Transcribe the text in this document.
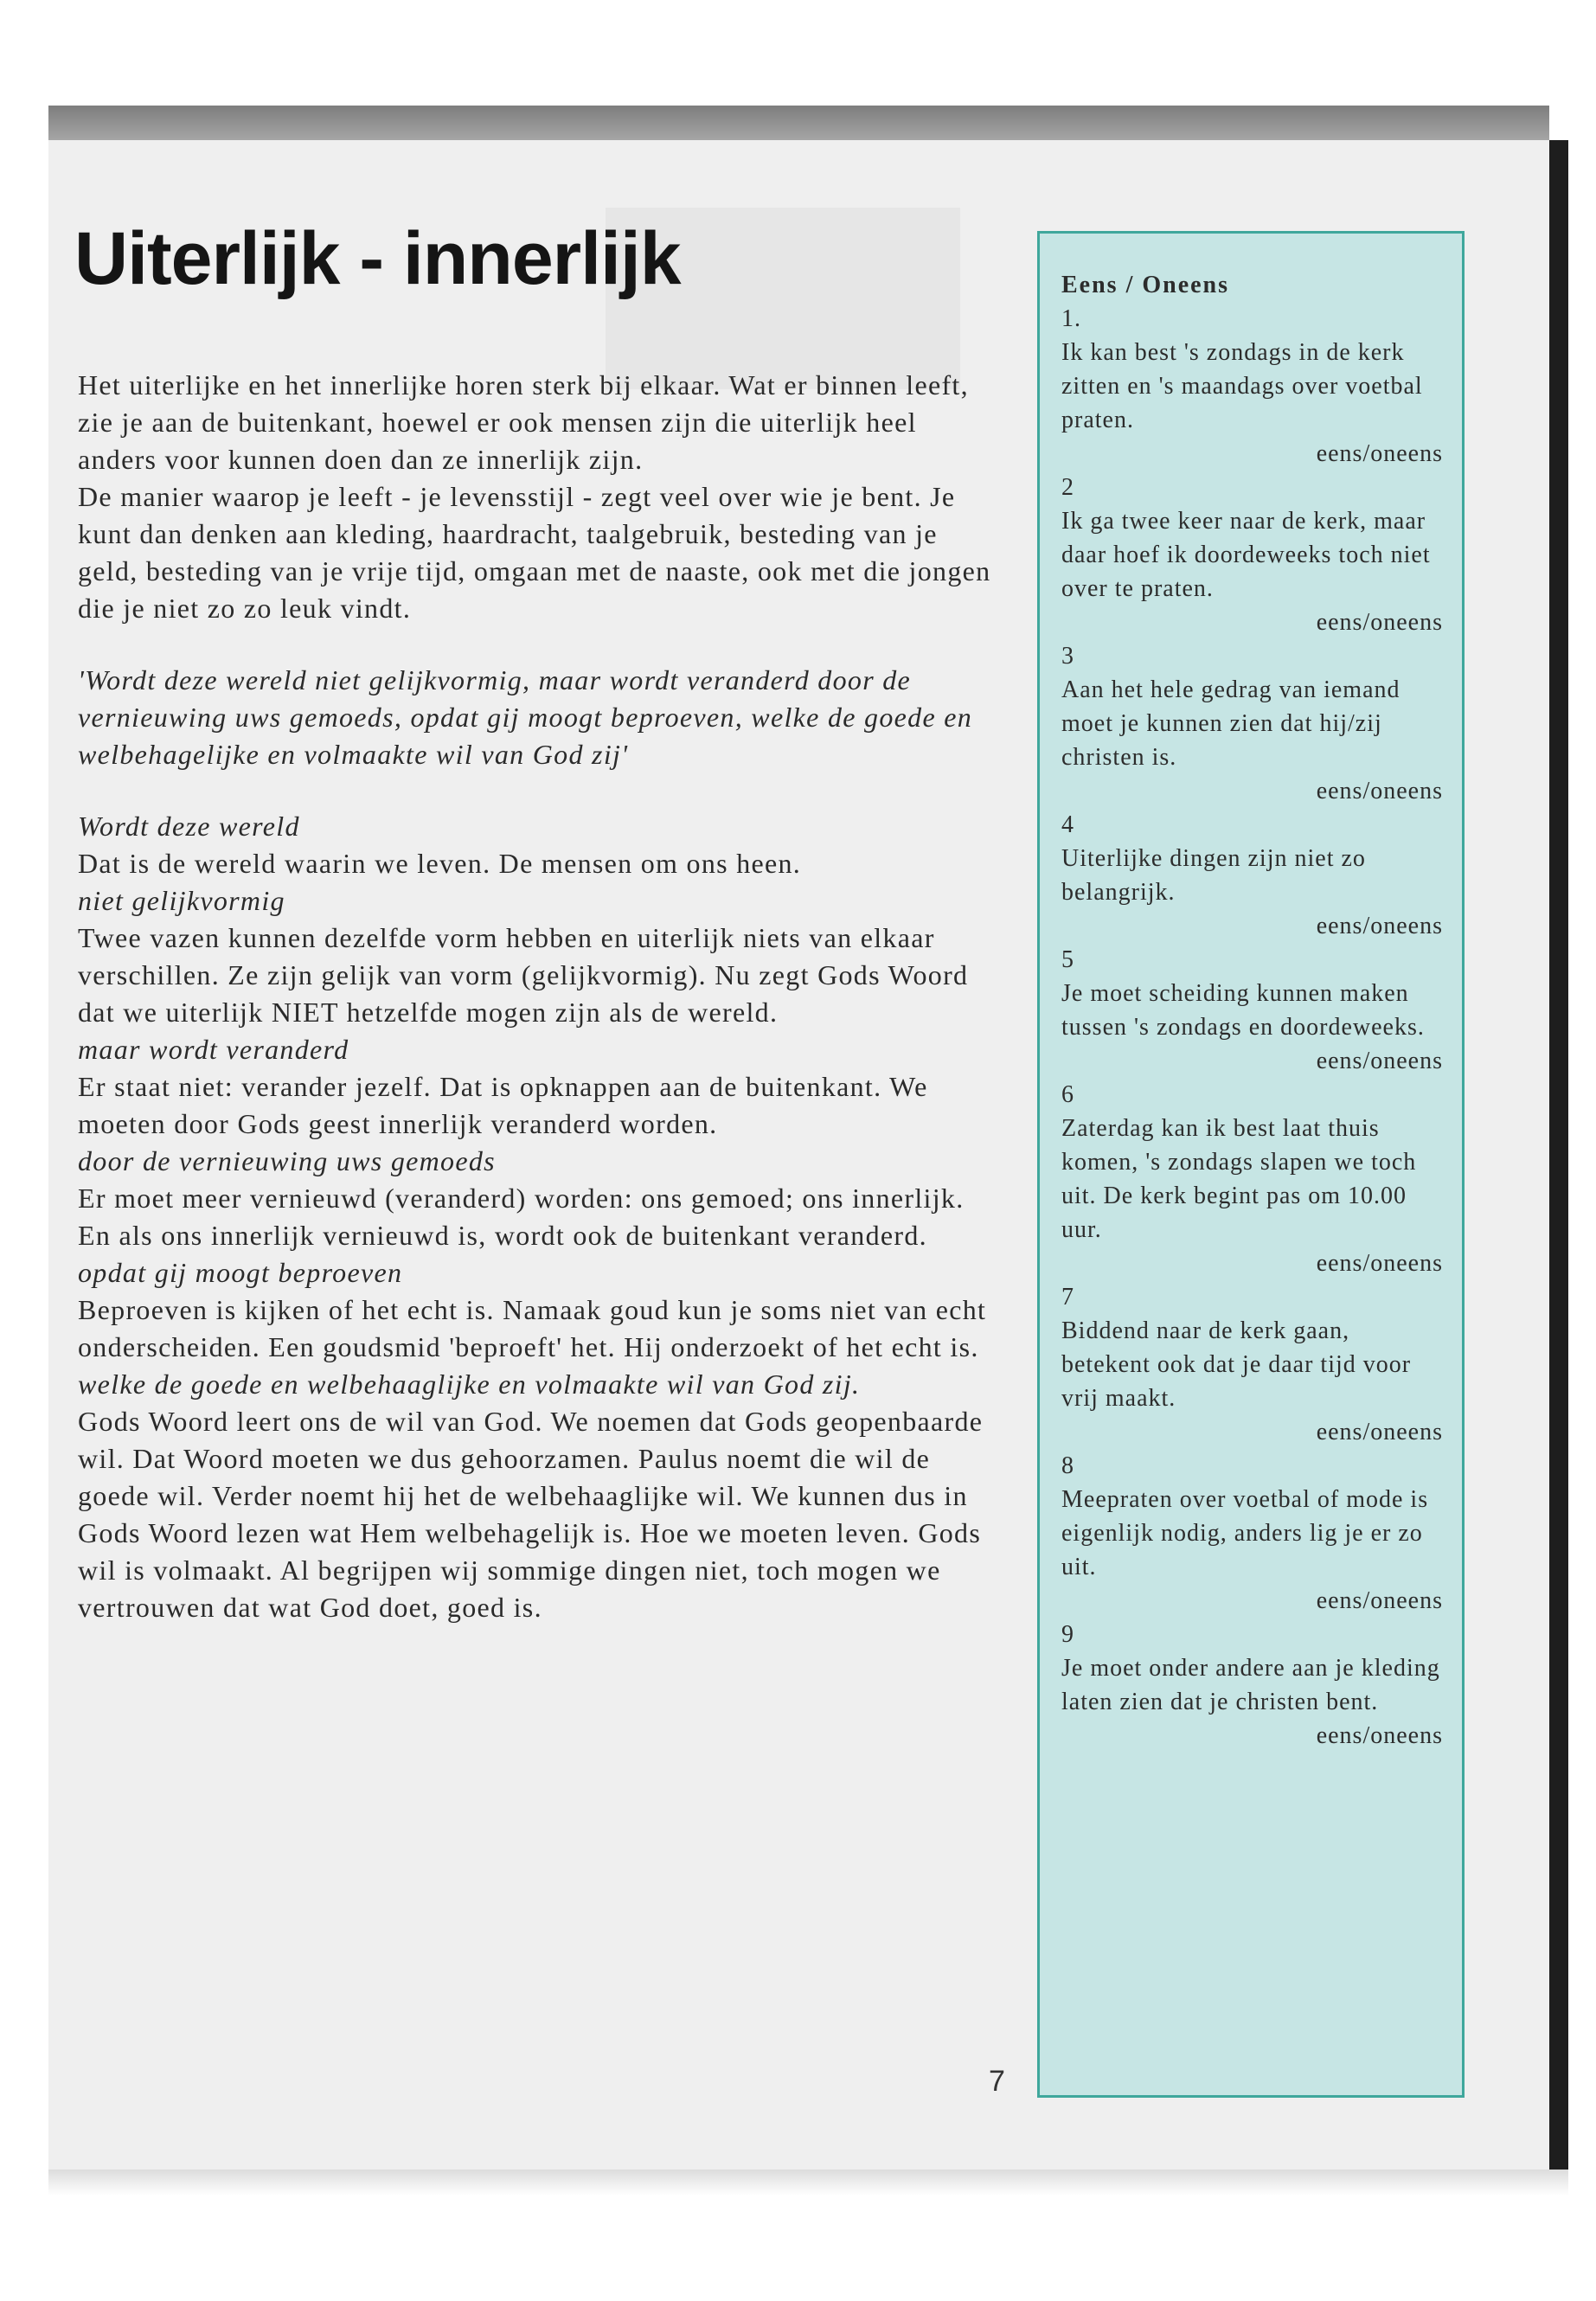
Uiterlijk - innerlijk

Het uiterlijke en het innerlijke horen sterk bij elkaar. Wat er binnen leeft, zie je aan de buitenkant, hoewel er ook mensen zijn die uiterlijk heel anders voor kunnen doen dan ze innerlijk zijn.

De manier waarop je leeft - je levensstijl - zegt veel over wie je bent. Je kunt dan denken aan kleding, haardracht, taalgebruik, besteding van je geld, besteding van je vrije tijd, omgaan met de naaste, ook met die jongen die je niet zo zo leuk vindt.

'Wordt deze wereld niet gelijkvormig, maar wordt veranderd door de vernieuwing uws gemoeds, opdat gij moogt beproeven, welke de goede en welbehagelijke en volmaakte wil van God zij'

Wordt deze wereld

Dat is de wereld waarin we leven. De mensen om ons heen.

niet gelijkvormig

Twee vazen kunnen dezelfde vorm hebben en uiterlijk niets van elkaar verschillen. Ze zijn gelijk van vorm (gelijkvormig). Nu zegt Gods Woord dat we uiterlijk NIET hetzelfde mogen zijn als de wereld.

maar wordt veranderd

Er staat niet: verander jezelf. Dat is opknappen aan de buitenkant. We moeten door Gods geest innerlijk veranderd worden.

door de vernieuwing uws gemoeds

Er moet meer vernieuwd (veranderd) worden: ons gemoed; ons innerlijk. En als ons innerlijk vernieuwd is, wordt ook de buitenkant veranderd.

opdat gij moogt beproeven

Beproeven is kijken of het echt is. Namaak goud kun je soms niet van echt onderscheiden. Een goudsmid 'beproeft' het. Hij onderzoekt of het echt is.

welke de goede en welbehaaglijke en volmaakte wil van God zij.

Gods Woord leert ons de wil van God. We noemen dat Gods geopenbaarde wil. Dat Woord moeten we dus gehoorzamen. Paulus noemt die wil de goede wil. Verder noemt hij het de welbehaaglijke wil. We kunnen dus in Gods Woord lezen wat Hem welbehagelijk is. Hoe we moeten leven. Gods wil is volmaakt. Al begrijpen wij sommige dingen niet, toch mogen we vertrouwen dat wat God doet, goed is.

Eens / Oneens

1.

Ik kan best 's zondags in de kerk zitten en 's maandags over voetbal praten.

eens/oneens

2

Ik ga twee keer naar de kerk, maar daar hoef ik doordeweeks toch niet over te praten.

eens/oneens

3

Aan het hele gedrag van iemand moet je kunnen zien dat hij/zij christen is.

eens/oneens

4

Uiterlijke dingen zijn niet zo belangrijk.

eens/oneens

5

Je moet scheiding kunnen maken tussen 's zondags en doordeweeks.

eens/oneens

6

Zaterdag kan ik best laat thuis komen, 's zondags slapen we toch uit. De kerk begint pas om 10.00 uur.

eens/oneens

7

Biddend naar de kerk gaan, betekent ook dat je daar tijd voor vrij maakt.

eens/oneens

8

Meepraten over voetbal of mode is eigenlijk nodig, anders lig je er zo uit.

eens/oneens

9

Je moet onder andere aan je kleding laten zien dat je christen bent.

eens/oneens

7
